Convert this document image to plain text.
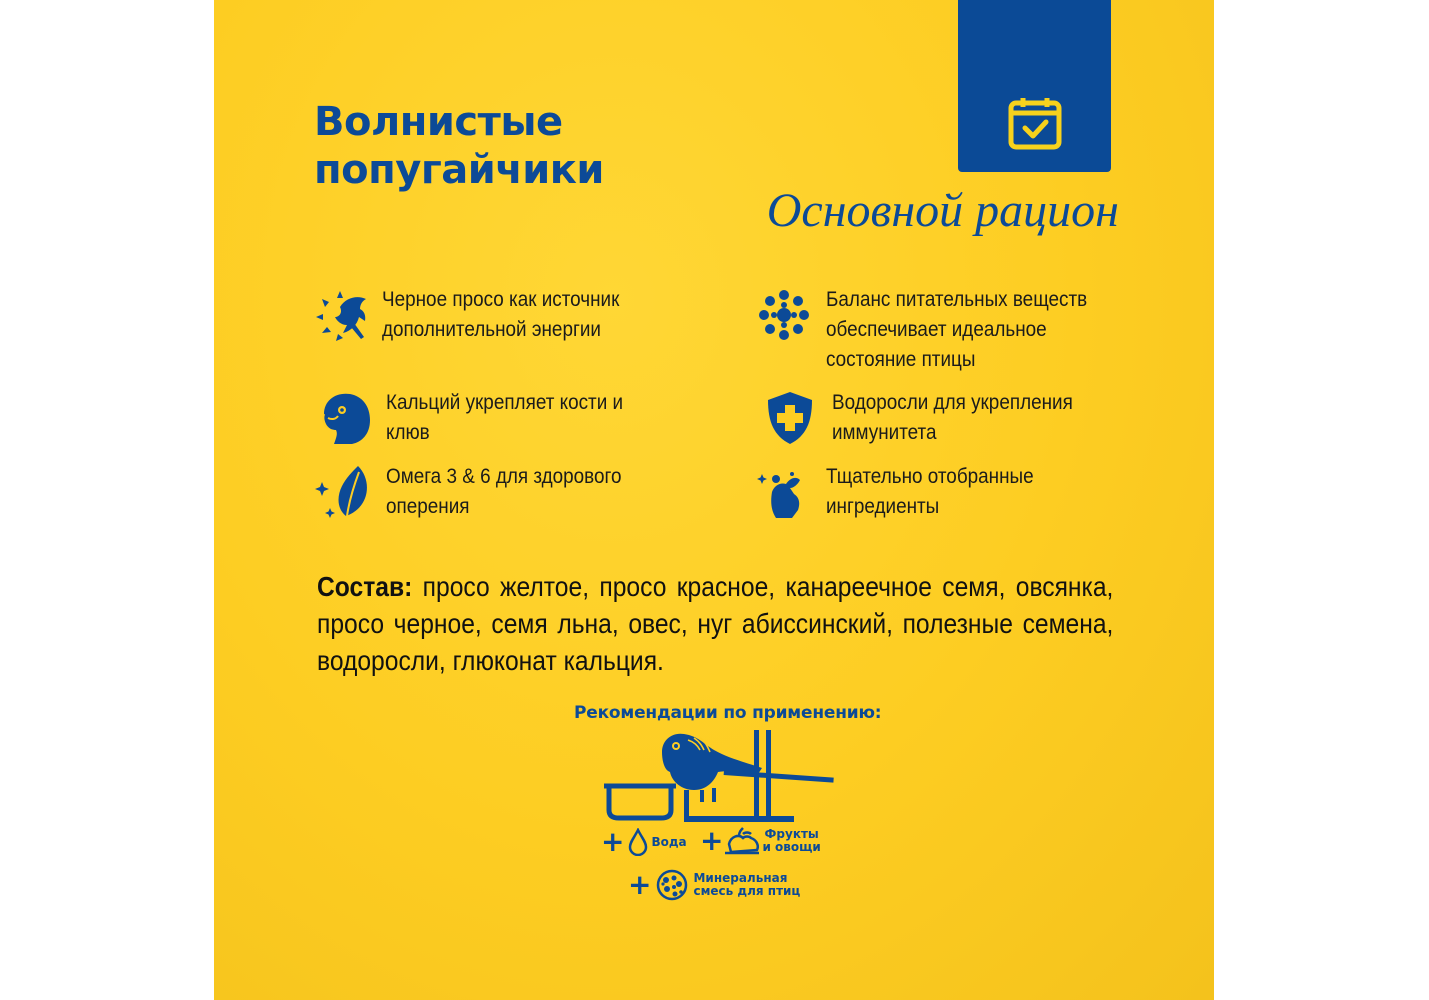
Волнистые попугайчики
Основной рацион
Черное просо как источник
дополнительной энергии
Баланс питательных веществ
обеспечивает идеальное
состояние птицы
Кальций укрепляет кости и
клюв
Водоросли для укрепления
иммунитета
Омега 3 & 6 для здорового
оперения
Тщательно отобранные
ингредиенты
Состав: просо желтое, просо красное, канареечное семя, овсянка, просо черное, семя льна, овес, нуг абиссинский, полезные семена, водоросли, глюконат кальция.
Рекомендации по применению:
+ Вода +	Фрукты
и овощи
+	Минеральная
смесь для птиц
